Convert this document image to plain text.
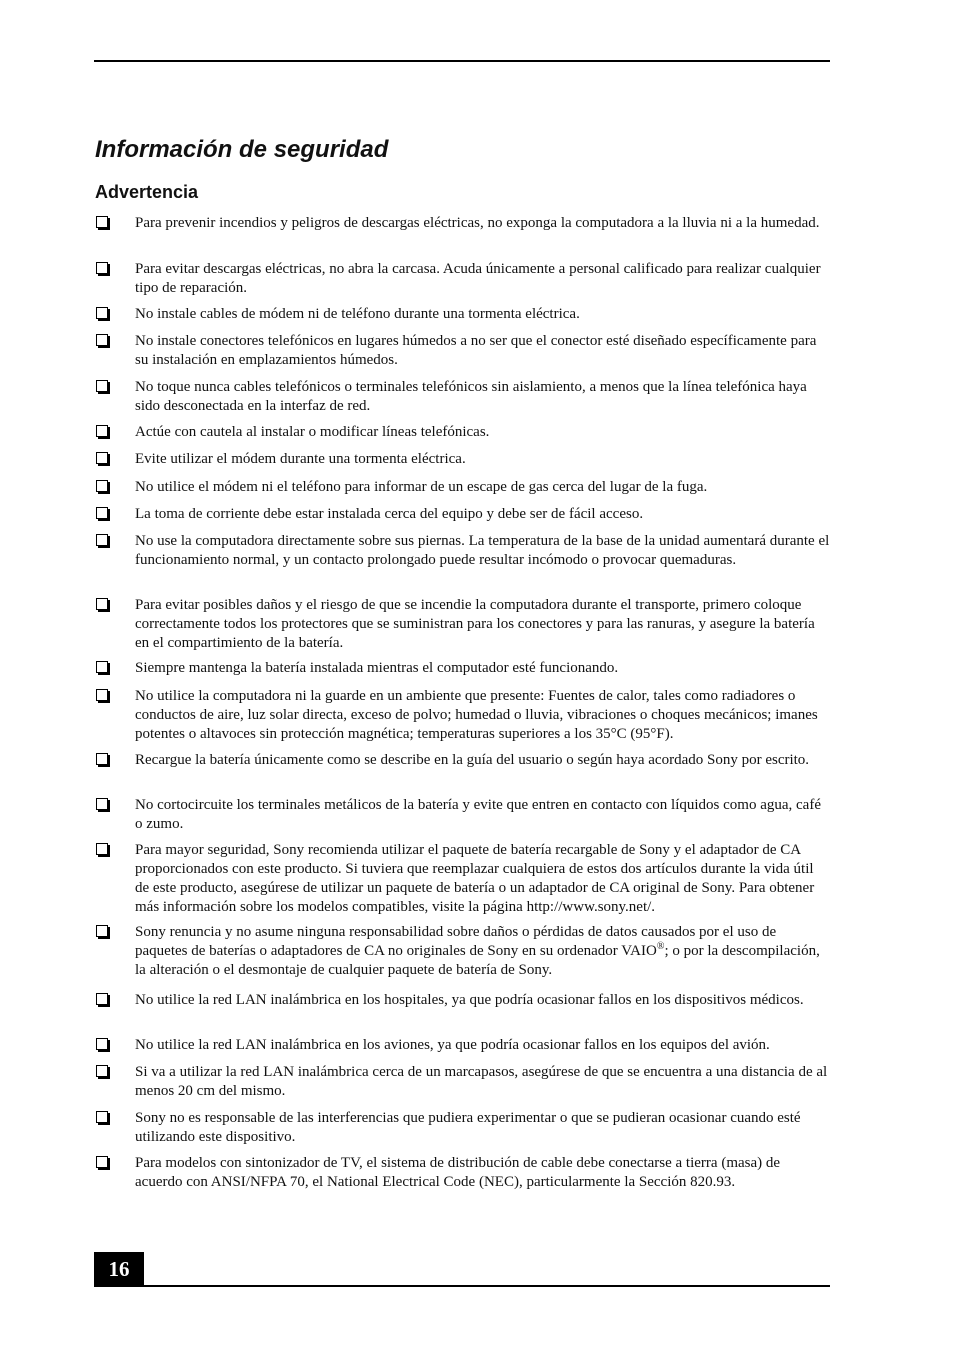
Información de seguridad
Advertencia

Para prevenir incendios y peligros de descargas eléctricas, no exponga la computadora a la lluvia ni a la humedad.

Para evitar descargas eléctricas, no abra la carcasa. Acuda únicamente a personal calificado para realizar cualquier tipo de reparación.

No instale cables de módem ni de teléfono durante una tormenta eléctrica.

No instale conectores telefónicos en lugares húmedos a no ser que el conector esté diseñado específicamente para su instalación en emplazamientos húmedos.

No toque nunca cables telefónicos o terminales telefónicos sin aislamiento, a menos que la línea telefónica haya sido desconectada en la interfaz de red.

Actúe con cautela al instalar o modificar líneas telefónicas.

Evite utilizar el módem durante una tormenta eléctrica.

No utilice el módem ni el teléfono para informar de un escape de gas cerca del lugar de la fuga.

La toma de corriente debe estar instalada cerca del equipo y debe ser de fácil acceso.

No use la computadora directamente sobre sus piernas. La temperatura de la base de la unidad aumentará durante el funcionamiento normal, y un contacto prolongado puede resultar incómodo o provocar quemaduras.

Para evitar posibles daños y el riesgo de que se incendie la computadora durante el transporte, primero coloque correctamente todos los protectores que se suministran para los conectores y para las ranuras, y asegure la batería en el compartimiento de la batería.

Siempre mantenga la batería instalada mientras el computador esté funcionando.

No utilice la computadora ni la guarde en un ambiente que presente: Fuentes de calor, tales como radiadores o conductos de aire, luz solar directa, exceso de polvo; humedad o lluvia, vibraciones o choques mecánicos; imanes potentes o altavoces sin protección magnética; temperaturas superiores a los 35°C (95°F).

Recargue la batería únicamente como se describe en la guía del usuario o según haya acordado Sony por escrito.

No cortocircuite los terminales metálicos de la batería y evite que entren en contacto con líquidos como agua, café o zumo.

Para mayor seguridad, Sony recomienda utilizar el paquete de batería recargable de Sony y el adaptador de CA proporcionados con este producto. Si tuviera que reemplazar cualquiera de estos dos artículos durante la vida útil de este producto, asegúrese de utilizar un paquete de batería o un adaptador de CA original de Sony. Para obtener más información sobre los modelos compatibles, visite la página http://www.sony.net/.

Sony renuncia y no asume ninguna responsabilidad sobre daños o pérdidas de datos causados por el uso de paquetes de baterías o adaptadores de CA no originales de Sony en su ordenador VAIO®; o por la descompilación, la alteración o el desmontaje de cualquier paquete de batería de Sony.

No utilice la red LAN inalámbrica en los hospitales, ya que podría ocasionar fallos en los dispositivos médicos.

No utilice la red LAN inalámbrica en los aviones, ya que podría ocasionar fallos en los equipos del avión.

Si va a utilizar la red LAN inalámbrica cerca de un marcapasos, asegúrese de que se encuentra a una distancia de al menos 20 cm del mismo.

Sony no es responsable de las interferencias que pudiera experimentar o que se pudieran ocasionar cuando esté utilizando este dispositivo.

Para modelos con sintonizador de TV, el sistema de distribución de cable debe conectarse a tierra (masa) de acuerdo con ANSI/NFPA 70, el National Electrical Code (NEC), particularmente la Sección 820.93.

16
